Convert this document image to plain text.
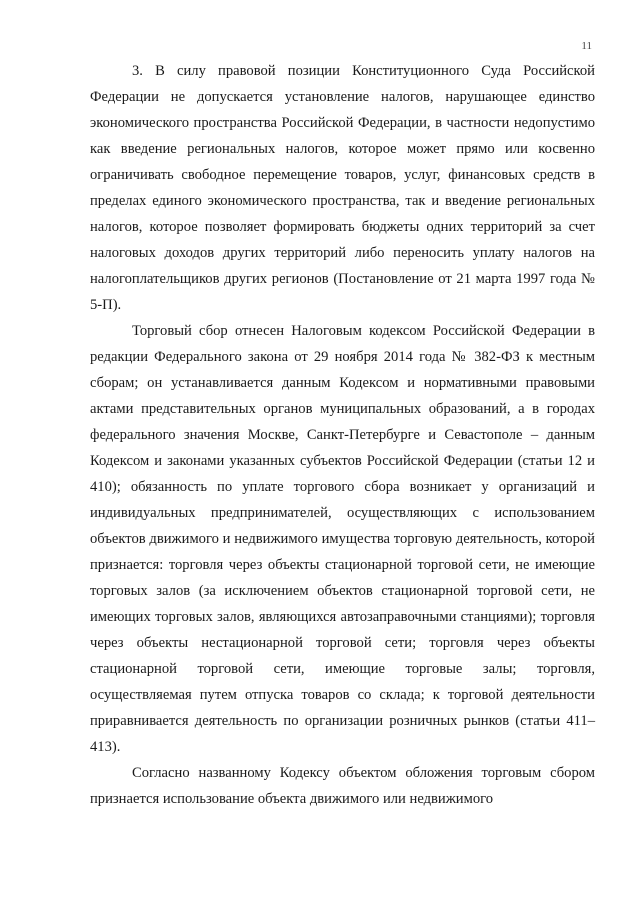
11

3. В силу правовой позиции Конституционного Суда Российской Федерации не допускается установление налогов, нарушающее единство экономического пространства Российской Федерации, в частности недопустимо как введение региональных налогов, которое может прямо или косвенно ограничивать свободное перемещение товаров, услуг, финансовых средств в пределах единого экономического пространства, так и введение региональных налогов, которое позволяет формировать бюджеты одних территорий за счет налоговых доходов других территорий либо переносить уплату налогов на налогоплательщиков других регионов (Постановление от 21 марта 1997 года № 5-П).

Торговый сбор отнесен Налоговым кодексом Российской Федерации в редакции Федерального закона от 29 ноября 2014 года № 382-ФЗ к местным сборам; он устанавливается данным Кодексом и нормативными правовыми актами представительных органов муниципальных образований, а в городах федерального значения Москве, Санкт-Петербурге и Севастополе – данным Кодексом и законами указанных субъектов Российской Федерации (статьи 12 и 410); обязанность по уплате торгового сбора возникает у организаций и индивидуальных предпринимателей, осуществляющих с использованием объектов движимого и недвижимого имущества торговую деятельность, которой признается: торговля через объекты стационарной торговой сети, не имеющие торговых залов (за исключением объектов стационарной торговой сети, не имеющих торговых залов, являющихся автозаправочными станциями); торговля через объекты нестационарной торговой сети; торговля через объекты стационарной торговой сети, имеющие торговые залы; торговля, осуществляемая путем отпуска товаров со склада; к торговой деятельности приравнивается деятельность по организации розничных рынков (статьи 411–413).

Согласно названному Кодексу объектом обложения торговым сбором признается использование объекта движимого или недвижимого
